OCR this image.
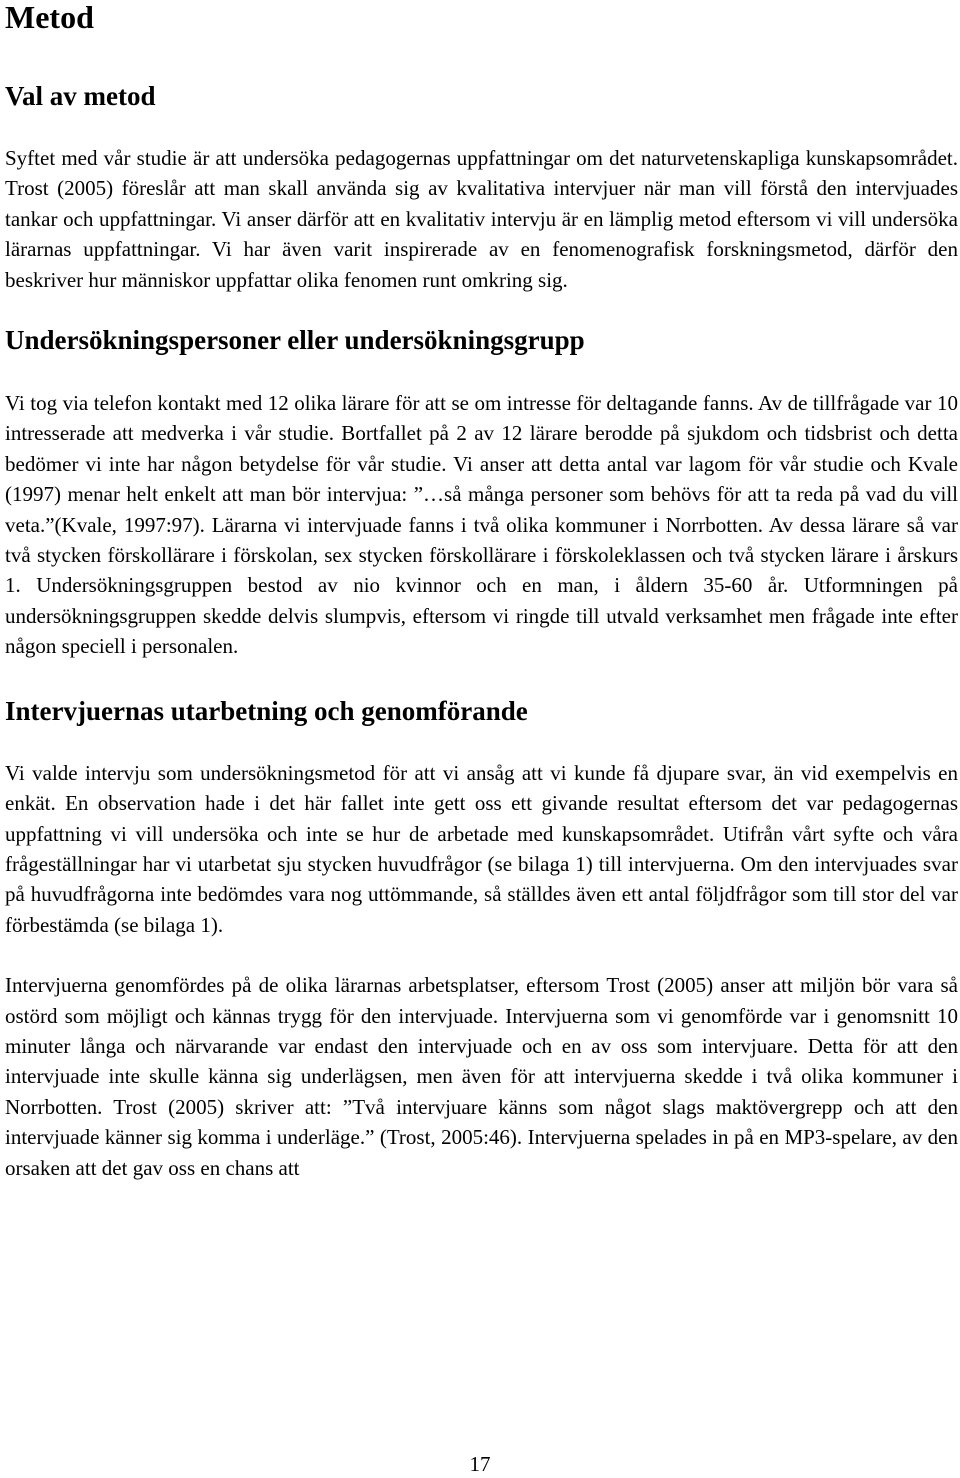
Metod
Val av metod

Syftet med vår studie är att undersöka pedagogernas uppfattningar om det naturvetenskapliga kunskapsområdet. Trost (2005) föreslår att man skall använda sig av kvalitativa intervjuer när man vill förstå den intervjuades tankar och uppfattningar. Vi anser därför att en kvalitativ intervju är en lämplig metod eftersom vi vill undersöka lärarnas uppfattningar. Vi har även varit inspirerade av en fenomenografisk forskningsmetod, därför den beskriver hur människor uppfattar olika fenomen runt omkring sig.

Undersökningspersoner eller undersökningsgrupp

Vi tog via telefon kontakt med 12 olika lärare för att se om intresse för deltagande fanns. Av de tillfrågade var 10 intresserade att medverka i vår studie. Bortfallet på 2 av 12 lärare berodde på sjukdom och tidsbrist och detta bedömer vi inte har någon betydelse för vår studie. Vi anser att detta antal var lagom för vår studie och Kvale (1997) menar helt enkelt att man bör intervjua: ”…så många personer som behövs för att ta reda på vad du vill veta.”(Kvale, 1997:97). Lärarna vi intervjuade fanns i två olika kommuner i Norrbotten. Av dessa lärare så var två stycken förskollärare i förskolan, sex stycken förskollärare i förskoleklassen och två stycken lärare i årskurs 1. Undersökningsgruppen bestod av nio kvinnor och en man, i åldern 35-60 år. Utformningen på undersökningsgruppen skedde delvis slumpvis, eftersom vi ringde till utvald verksamhet men frågade inte efter någon speciell i personalen.

Intervjuernas utarbetning och genomförande

Vi valde intervju som undersökningsmetod för att vi ansåg att vi kunde få djupare svar, än vid exempelvis en enkät. En observation hade i det här fallet inte gett oss ett givande resultat eftersom det var pedagogernas uppfattning vi vill undersöka och inte se hur de arbetade med kunskapsområdet. Utifrån vårt syfte och våra frågeställningar har vi utarbetat sju stycken huvudfrågor (se bilaga 1) till intervjuerna. Om den intervjuades svar på huvudfrågorna inte bedömdes vara nog uttömmande, så ställdes även ett antal följdfrågor som till stor del var förbestämda (se bilaga 1).

Intervjuerna genomfördes på de olika lärarnas arbetsplatser, eftersom Trost (2005) anser att miljön bör vara så ostörd som möjligt och kännas trygg för den intervjuade. Intervjuerna som vi genomförde var i genomsnitt 10 minuter långa och närvarande var endast den intervjuade och en av oss som intervjuare. Detta för att den intervjuade inte skulle känna sig underlägsen, men även för att intervjuerna skedde i två olika kommuner i Norrbotten. Trost (2005) skriver att: ”Två intervjuare känns som något slags maktövergrepp och att den intervjuade känner sig komma i underläge.” (Trost, 2005:46). Intervjuerna spelades in på en MP3-spelare, av den orsaken att det gav oss en chans att

17
